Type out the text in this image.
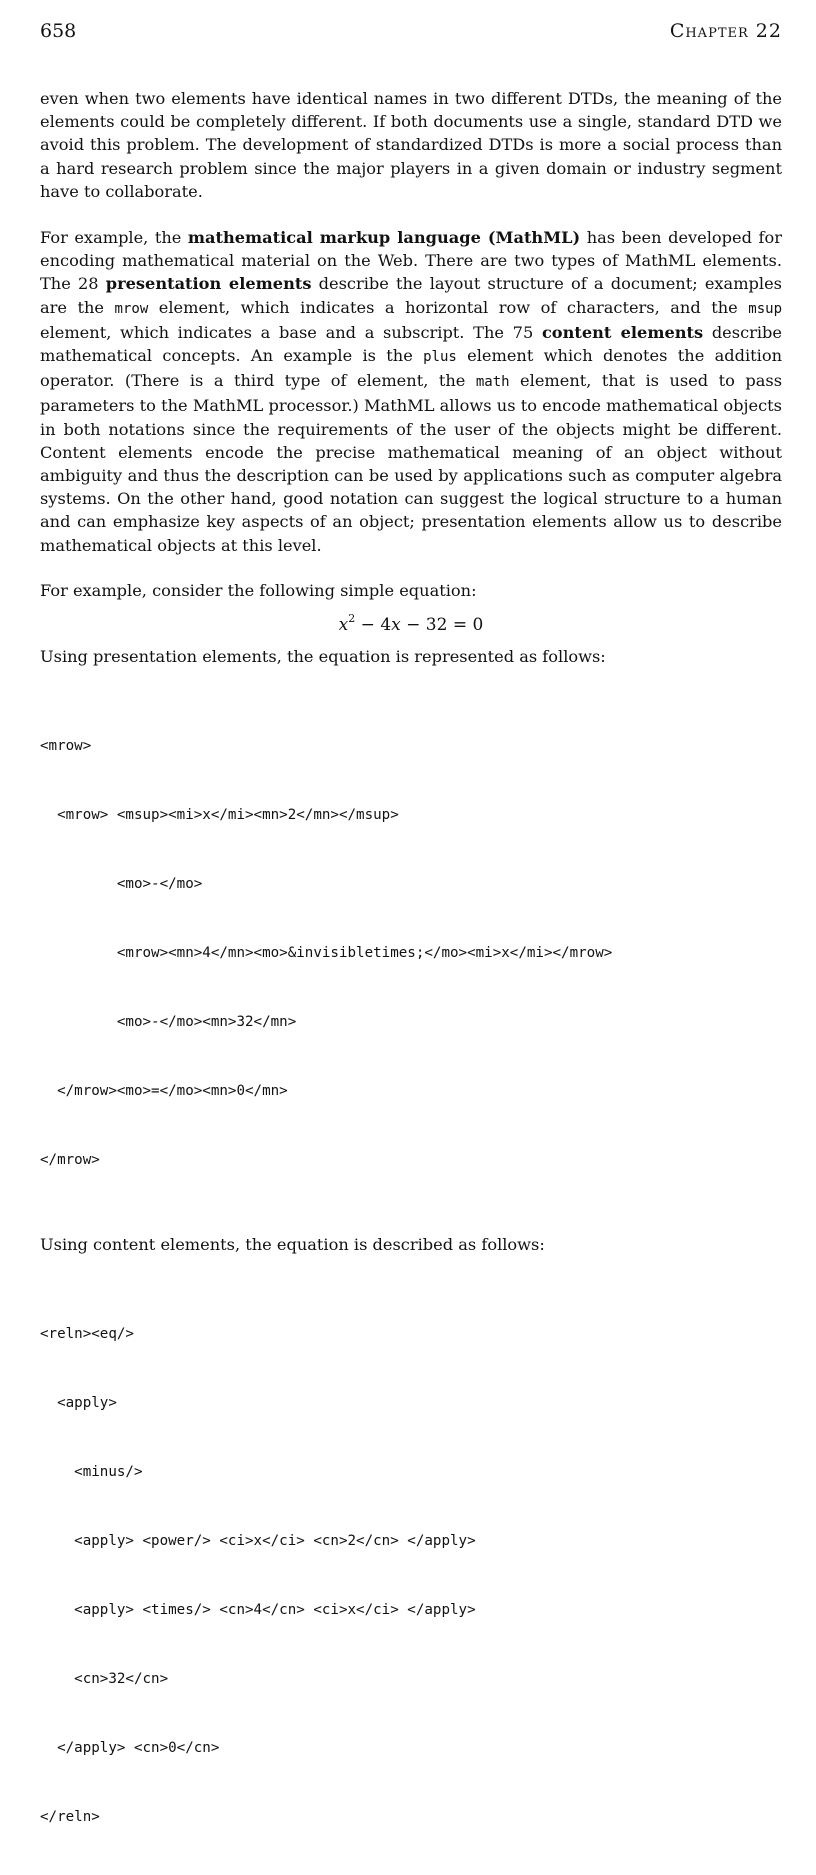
658	Chapter 22

even when two elements have identical names in two different DTDs, the meaning of the elements could be completely different. If both documents use a single, standard DTD we avoid this problem. The development of standardized DTDs is more a social process than a hard research problem since the major players in a given domain or industry segment have to collaborate.

For example, the mathematical markup language (MathML) has been developed for encoding mathematical material on the Web. There are two types of MathML elements. The 28 presentation elements describe the layout structure of a document; examples are the mrow element, which indicates a horizontal row of characters, and the msup element, which indicates a base and a subscript. The 75 content elements describe mathematical concepts. An example is the plus element which denotes the addition operator. (There is a third type of element, the math element, that is used to pass parameters to the MathML processor.) MathML allows us to encode mathematical objects in both notations since the requirements of the user of the objects might be different. Content elements encode the precise mathematical meaning of an object without ambiguity and thus the description can be used by applications such as computer algebra systems. On the other hand, good notation can suggest the logical structure to a human and can emphasize key aspects of an object; presentation elements allow us to describe mathematical objects at this level.

For example, consider the following simple equation:

$x^2 - 4x - 32 = 0$

Using presentation elements, the equation is represented as follows:

<mrow>

<mrow> <msup><mi>x</mi><mn>2</mn></msup>

<mo>-</mo>

<mrow><mn>4</mn><mo>&invisibletimes;</mo><mi>x</mi></mrow>

<mo>-</mo><mn>32</mn>

</mrow><mo>=</mo><mn>0</mn>

</mrow>

Using content elements, the equation is described as follows:

<reln><eq/>

<apply>

<minus/>

<apply> <power/> <ci>x</ci> <cn>2</cn> </apply>

<apply> <times/> <cn>4</cn> <ci>x</ci> </apply>

<cn>32</cn>

</apply> <cn>0</cn>

</reln>
